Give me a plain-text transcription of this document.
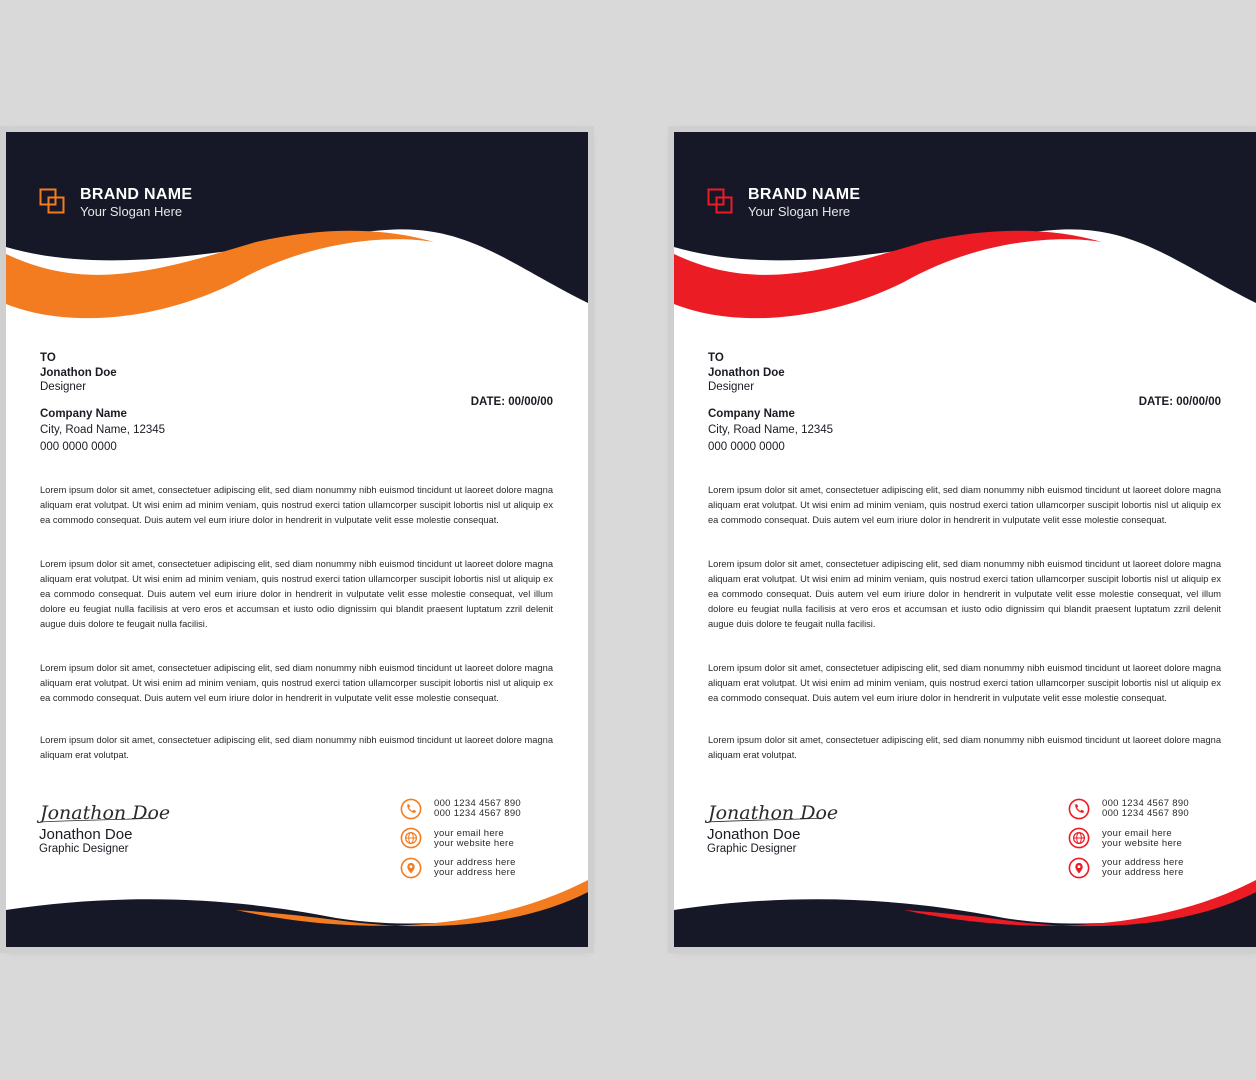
BRAND NAME
Your Slogan Here
TO
Jonathon Doe
Designer
Company Name
City, Road Name, 12345
000 0000 0000
DATE: 00/00/00

Lorem ipsum dolor sit amet, consectetuer adipiscing elit, sed diam nonummy nibh euismod tincidunt ut laoreet dolore magna aliquam erat volutpat. Ut wisi enim ad minim veniam, quis nostrud exerci tation ullamcorper suscipit lobortis nisl ut aliquip ex ea commodo consequat. Duis autem vel eum iriure dolor in hendrerit in vulputate velit esse molestie consequat.

Lorem ipsum dolor sit amet, consectetuer adipiscing elit, sed diam nonummy nibh euismod tincidunt ut laoreet dolore magna aliquam erat volutpat. Ut wisi enim ad minim veniam, quis nostrud exerci tation ullamcorper suscipit lobortis nisl ut aliquip ex ea commodo consequat. Duis autem vel eum iriure dolor in hendrerit in vulputate velit esse molestie consequat, vel illum dolore eu feugiat nulla facilisis at vero eros et accumsan et iusto odio dignissim qui blandit praesent luptatum zzril delenit augue duis dolore te feugait nulla facilisi.

Lorem ipsum dolor sit amet, consectetuer adipiscing elit, sed diam nonummy nibh euismod tincidunt ut laoreet dolore magna aliquam erat volutpat. Ut wisi enim ad minim veniam, quis nostrud exerci tation ullamcorper suscipit lobortis nisl ut aliquip ex ea commodo consequat. Duis autem vel eum iriure dolor in hendrerit in vulputate velit esse molestie consequat.

Lorem ipsum dolor sit amet, consectetuer adipiscing elit, sed diam nonummy nibh euismod tincidunt ut laoreet dolore magna aliquam erat volutpat.

Jonathon Doe
Jonathon Doe
Graphic Designer
000 1234 4567 890
000 1234 4567 890
your email here
your website here
your address here
your address here
BRAND NAME
Your Slogan Here
TO
Jonathon Doe
Designer
Company Name
City, Road Name, 12345
000 0000 0000
DATE: 00/00/00

Lorem ipsum dolor sit amet, consectetuer adipiscing elit, sed diam nonummy nibh euismod tincidunt ut laoreet dolore magna aliquam erat volutpat. Ut wisi enim ad minim veniam, quis nostrud exerci tation ullamcorper suscipit lobortis nisl ut aliquip ex ea commodo consequat. Duis autem vel eum iriure dolor in hendrerit in vulputate velit esse molestie consequat.

Lorem ipsum dolor sit amet, consectetuer adipiscing elit, sed diam nonummy nibh euismod tincidunt ut laoreet dolore magna aliquam erat volutpat. Ut wisi enim ad minim veniam, quis nostrud exerci tation ullamcorper suscipit lobortis nisl ut aliquip ex ea commodo consequat. Duis autem vel eum iriure dolor in hendrerit in vulputate velit esse molestie consequat, vel illum dolore eu feugiat nulla facilisis at vero eros et accumsan et iusto odio dignissim qui blandit praesent luptatum zzril delenit augue duis dolore te feugait nulla facilisi.

Lorem ipsum dolor sit amet, consectetuer adipiscing elit, sed diam nonummy nibh euismod tincidunt ut laoreet dolore magna aliquam erat volutpat. Ut wisi enim ad minim veniam, quis nostrud exerci tation ullamcorper suscipit lobortis nisl ut aliquip ex ea commodo consequat. Duis autem vel eum iriure dolor in hendrerit in vulputate velit esse molestie consequat.

Lorem ipsum dolor sit amet, consectetuer adipiscing elit, sed diam nonummy nibh euismod tincidunt ut laoreet dolore magna aliquam erat volutpat.

Jonathon Doe
Jonathon Doe
Graphic Designer
000 1234 4567 890
000 1234 4567 890
your email here
your website here
your address here
your address here
